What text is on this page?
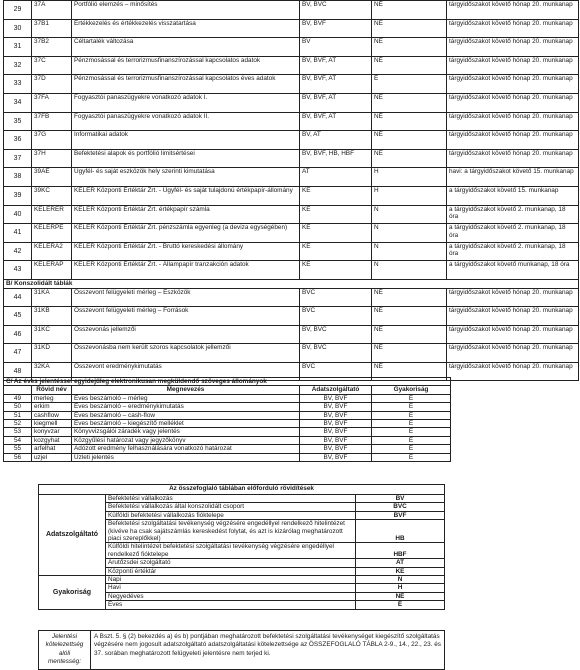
29	37A	Portfólió elemzés – minősítés	BV, BVC	NÉ	tárgyidőszakot követő hónap 20. munkanap
30	37B1	Értékkezelés és értékkezelés visszatartása	BV, BVF	NÉ	tárgyidőszakot követő hónap 20. munkanap
31	37B2	Céltartalék változása	BV	NÉ	tárgyidőszakot követő hónap 20. munkanap
32	37C	Pénzmosással és terrorizmusfinanszírozással kapcsolatos adatok	BV, BVF, AT	NÉ	tárgyidőszakot követő hónap 20. munkanap
33	37D	Pénzmosással és terrorizmusfinanszírozással kapcsolatos éves adatok	BV, BVF, AT	É	tárgyidőszakot követő hónap 20. munkanap
34	37FA	Fogyasztói panaszügyekre vonatkozó adatok I.	BV, BVF, AT	NÉ	tárgyidőszakot követő hónap 20. munkanap
35	37FB	Fogyasztói panaszügyekre vonatkozó adatok II.	BV, BVF, AT	NÉ	tárgyidőszakot követő hónap 20. munkanap
36	37G	Informatikai adatok	BV, AT	NÉ	tárgyidőszakot követő hónap 20. munkanap
37	37H	Befektetési alapok és portfólió limitsértései	BV, BVF, HB, HBF	NÉ	tárgyidőszakot követő hónap 20. munkanap
38	39AE	Ügyfél- és saját eszközök hely szerinti kimutatása	AT	H	havi: a tárgyidőszakot követő 15. munkanap
39	39KC	KELER Központi Értéktár Zrt. - Ügyfél- és saját tulajdonú értékpapír-állomány	KE	H	a tárgyidőszakot követő 15. munkanap
40	KELERER	KELER Központi Értéktár Zrt. értékpapír számla	KE	N	a tárgyidőszakot követő 2. munkanap, 18 óra
41	KELERPE	KELER Központi Értéktár Zrt. pénzszámla egyenleg (a deviza egységében)	KE	N	a tárgyidőszakot követő 2. munkanap, 18 óra
42	KELERA2	KELER Központi Értéktár Zrt. - Bruttó kereskedési állomány	KE	N	a tárgyidőszakot követő 2. munkanap, 18 óra
43	KELERAP	KELER Központi Értéktár Zrt. - Állampapír tranzakción adatok	KE	N	a tárgyidőszakot követő munkanap, 18 óra
B/ Konszolidált táblák					
44	31KA	Összevont felügyeleti mérleg – Eszközök	BVC	NÉ	tárgyidőszakot követő hónap 20. munkanap
45	31KB	Összevont felügyeleti mérleg – Források	BVC	NÉ	tárgyidőszakot követő hónap 20. munkanap
46	31KC	Összevonás jellemzői	BV, BVC	NÉ	tárgyidőszakot követő hónap 20. munkanap
47	31KD	Összevonásba nem került szoros kapcsolatok jellemzői	BV, BVC	NÉ	tárgyidőszakot követő hónap 20. munkanap
48	32KA	Összevont eredménykimutatás	BVC	NÉ	tárgyidőszakot követő hónap 20. munkanap
C/ Az éves jelentéssel egyidejűleg elektronikusan megküldendő szöveges állományok				
	Rövid név	Megnevezés	Adatszolgáltató	Gyakoriság
49	merleg	Éves beszámoló – mérleg	BV, BVF	É
50	erkim	Éves beszámoló – eredménykimutatás	BV, BVF	É
51	cashflow	Éves beszámoló – cash-flow	BV, BVF	É
52	kiegmell	Éves beszámoló – kiegészítő melléklet	BV, BVF	É
53	konyvzar	Könyvvizsgálói záradék vagy jelentés	BV, BVF	É
54	kozgyhat	Közgyűlési határozat vagy jegyzőkönyv	BV, BVF	É
55	arfelhat	Adózott eredmény felhasználására vonatkozó határozat	BV, BVF	É
56	uzjel	Üzleti jelentés	BV, BVF	É
Az összefoglaló táblában előforduló rövidítések		
Adatszolgáltató	Befektetési vállalkozás	BV
	Befektetési vállalkozás által konszolidált csoport	BVC
	Külföldi befektetési vállalkozás fióktelepe	BVF
	Befektetési szolgáltatási tevékenység végzésére engedéllyel rendelkező hitelintézet (kivéve ha csak sajátszámlás kereskedést folytat, és azt is kizárólag meghatározott piaci szereplőkkel)	HB
	Külföldi hitelintézet befektetési szolgáltatási tevékenység végzésére engedéllyel rendelkező fióktelepe	HBF
	Árutőzsdei szolgáltató	AT
	Központi értéktár	KE
Gyakoriság	Napi	N
	Havi	H
	Negyedéves	NÉ
	Éves	É
Jelentési kötelezettség alóli mentesség:	A Bszt. 5. § (2) bekezdés a) és b) pontjában meghatározott befektetési szolgáltatási tevékenységet kiegészítő szolgáltatás végzésére nem jogosult adatszolgáltató adatszolgáltatási kötelezettsége az ÖSSZEFOGLALÓ TÁBLA 2-9., 14., 22., 23. és 37. sorában meghatározott felügyeleti jelentésre nem terjed ki.
